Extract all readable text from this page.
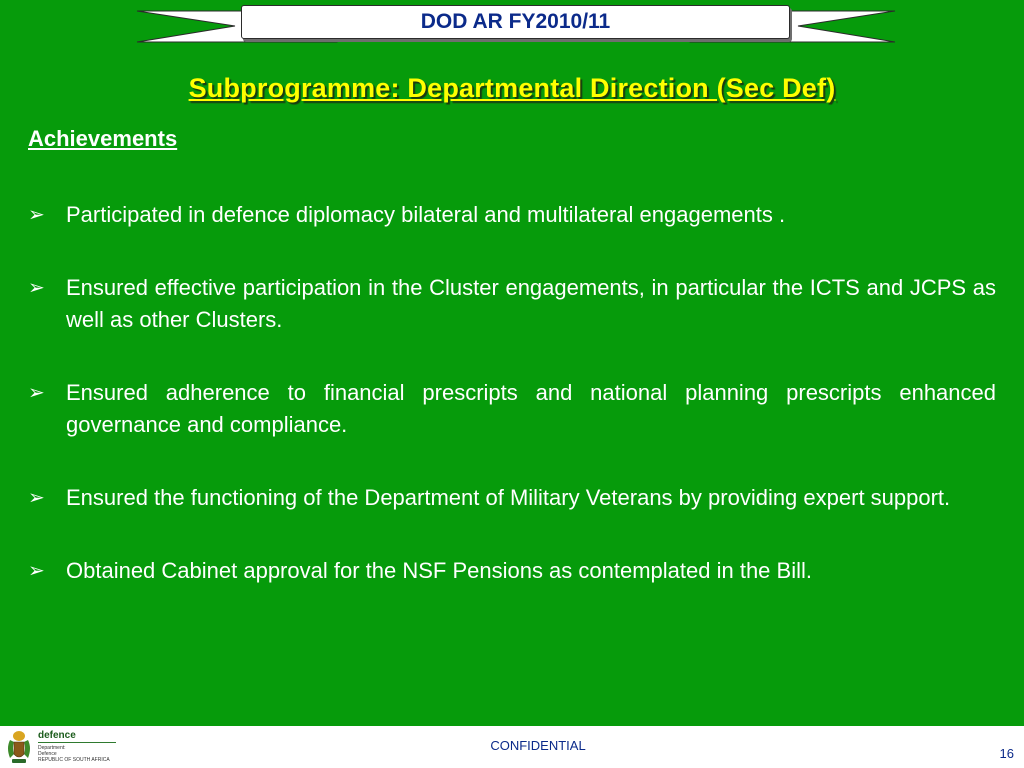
DOD AR FY2010/11
Subprogramme: Departmental Direction (Sec Def)
Achievements
➢ Participated in defence diplomacy bilateral and multilateral engagements .
➢ Ensured effective participation in the Cluster engagements, in particular the ICTS and JCPS as well as other Clusters.
➢ Ensured adherence to financial prescripts and national planning prescripts enhanced governance and compliance.
➢ Ensured the functioning of the Department of Military Veterans by providing expert support.
➢ Obtained Cabinet approval for the NSF Pensions as contemplated in the Bill.
defence
Department:
Defence
REPUBLIC OF SOUTH AFRICA
CONFIDENTIAL
16
